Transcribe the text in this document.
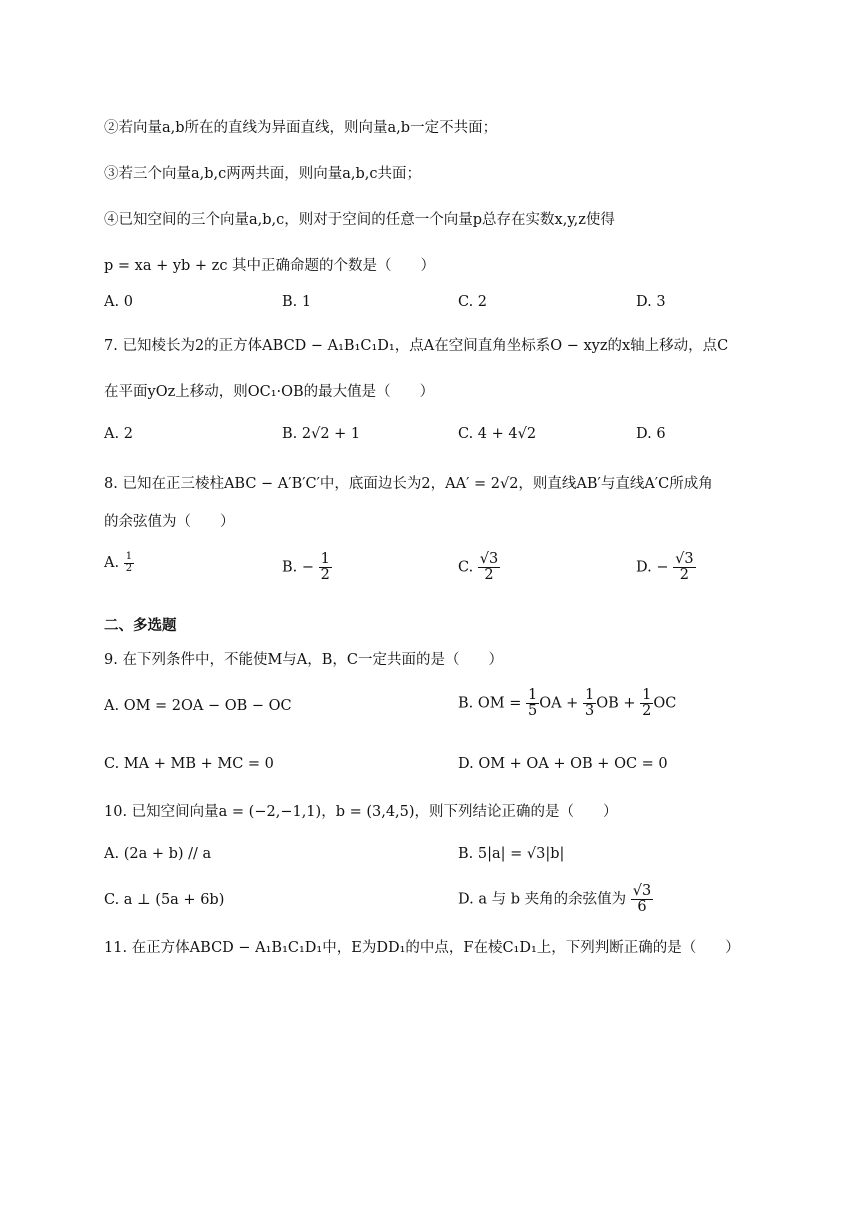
②若向量a,b所在的直线为异面直线，则向量a,b一定不共面；
③若三个向量a,b,c两两共面，则向量a,b,c共面；
④已知空间的三个向量a,b,c，则对于空间的任意一个向量p总存在实数x,y,z使得
p = xa + yb + zc 其中正确命题的个数是（　　）
A. 0	B. 1	C. 2	D. 3
7. 已知棱长为2的正方体ABCD − A₁B₁C₁D₁，点A在空间直角坐标系O − xyz的x轴上移动，点C
在平面yOz上移动，则OC₁·OB的最大值是（　　）
A. 2	B. 2√2 + 1	C. 4 + 4√2	D. 6
8. 已知在正三棱柱ABC − A′B′C′中，底面边长为2，AA′ = 2√2，则直线AB′与直线A′C所成角
的余弦值为（　　）
A. $\frac{1}{2}$	B. − $\frac{1}{2}$	C. $\frac{√3}{2}$	D. − $\frac{√3}{2}$
二、多选题
9. 在下列条件中，不能使M与A，B，C一定共面的是（　　）
A. OM = 2OA − OB − OC	B. OM = $\frac{1}{5}$ OA + $\frac{1}{3}$ OB + $\frac{1}{2}$ OC
C. MA + MB + MC = 0	D. OM + OA + OB + OC = 0
10. 已知空间向量a = (−2,−1,1)，b = (3,4,5)，则下列结论正确的是（　　）
A. (2a + b) // a	B. 5|a| = √3|b|
C. a ⊥ (5a + 6b)	D. a 与 b 夹角的余弦值为 $\frac{√3}{6}$
11. 在正方体ABCD − A₁B₁C₁D₁中，E为DD₁的中点，F在棱C₁D₁上，下列判断正确的是（　　）
